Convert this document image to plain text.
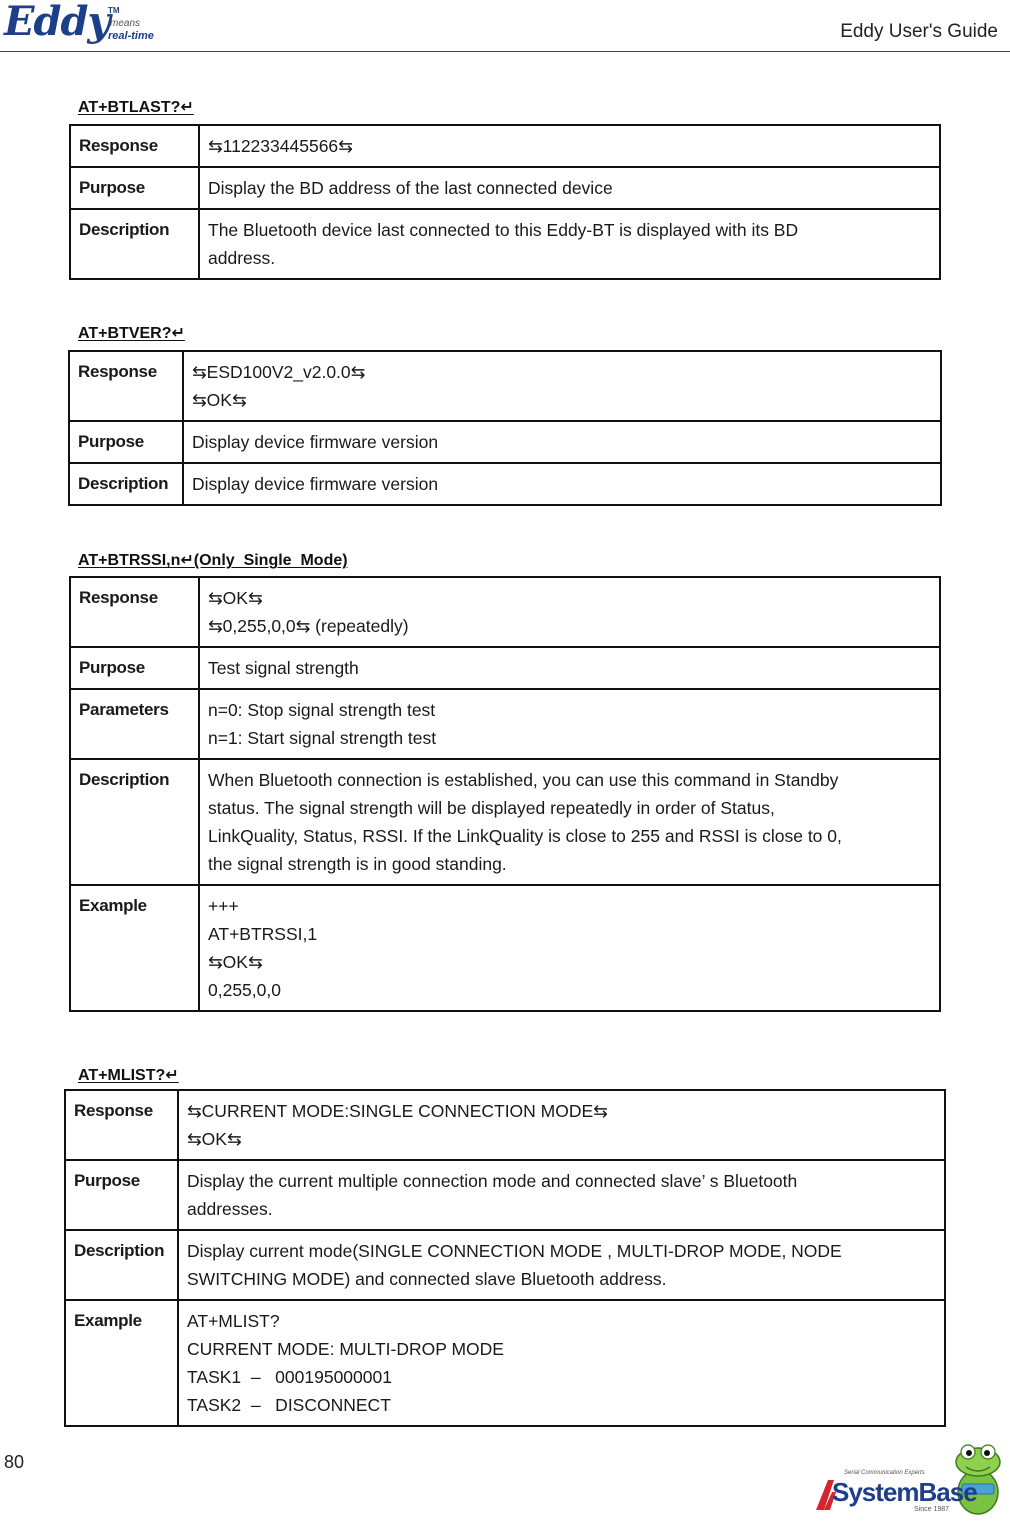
Eddy
TM
means
real-time	Eddy User's Guide
AT+BTLAST?↵
Response	⇆112233445566⇆

Purpose	Display the BD address of the last connected device

Description	The Bluetooth device last connected to this Eddy-BT is displayed with its BD
address.
AT+BTVER?↵
Response	⇆ESD100V2_v2.0.0⇆
⇆OK⇆

Purpose	Display device firmware version

Description	Display device firmware version
AT+BTRSSI,n↵(Only  Single  Mode)
Response	⇆OK⇆
⇆0,255,0,0⇆ (repeatedly)

Purpose	Test signal strength

Parameters	n=0: Stop signal strength test
n=1: Start signal strength test

Description	When Bluetooth connection is established, you can use this command in Standby
status. The signal strength will be displayed repeatedly in order of Status,
LinkQuality, Status, RSSI. If the LinkQuality is close to 255 and RSSI is close to 0,
the signal strength is in good standing.

Example	+++
AT+BTRSSI,1
⇆OK⇆
0,255,0,0
AT+MLIST?↵
Response	⇆CURRENT MODE:SINGLE CONNECTION MODE⇆
⇆OK⇆

Purpose	Display the current multiple connection mode and connected slave’ s Bluetooth
addresses.

Description	Display current mode(SINGLE CONNECTION MODE , MULTI-DROP MODE, NODE
SWITCHING MODE) and connected slave Bluetooth address.

Example	AT+MLIST?
CURRENT MODE: MULTI-DROP MODE
TASK1  –   000195000001
TASK2  –   DISCONNECT
80
Serial Communication Experts
SystemBase
Since 1987
